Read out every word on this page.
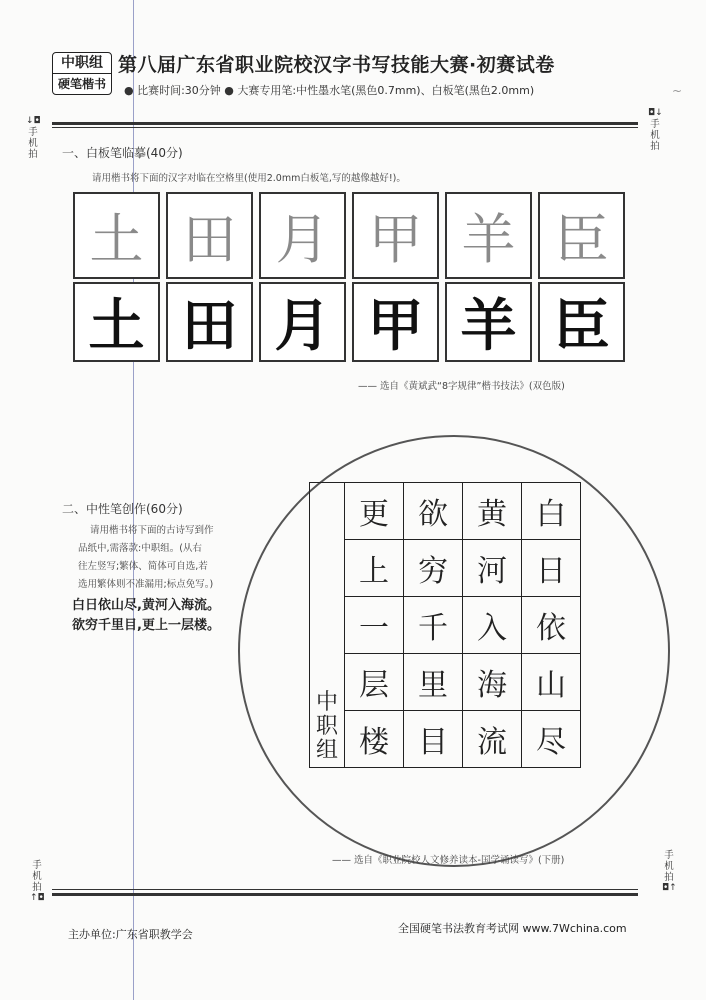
中职组
硬笔楷书
第八届广东省职业院校汉字书写技能大赛·初赛试卷
● 比赛时间:30分钟 ● 大赛专用笔:中性墨水笔(黑色0.7mm)、白板笔(黑色2.0mm)	~
↓◘
手
机
拍
◘↓
手
机
拍
手
机
拍
↑◘
手
机
拍
◘↑
一、白板笔临摹(40分)
请用楷书将下面的汉字对临在空格里(使用2.0mm白板笔,写的越像越好!)。
土 田 月 甲 羊 臣
土 田 月 甲 羊 臣
—— 选自《黄斌武“8字规律”楷书技法》(双色版)
二、中性笔创作(60分)
请用楷书将下面的古诗写到作
品纸中,需落款:中职组。(从右
往左竖写;繁体、简体可自选,若
选用繁体则不准漏用;标点免写。)
白日依山尽,黄河入海流。
欲穷千里目,更上一层楼。
中
职
组	更	欲	黄	白
	上	穷	河	日
	一	千	入	依
	层	里	海	山
	楼	目	流	尽
—— 选自《职业院校人文修养读本-国学诵读写》(下册)
主办单位:广东省职教学会	全国硬笔书法教育考试网 www.7Wchina.com
